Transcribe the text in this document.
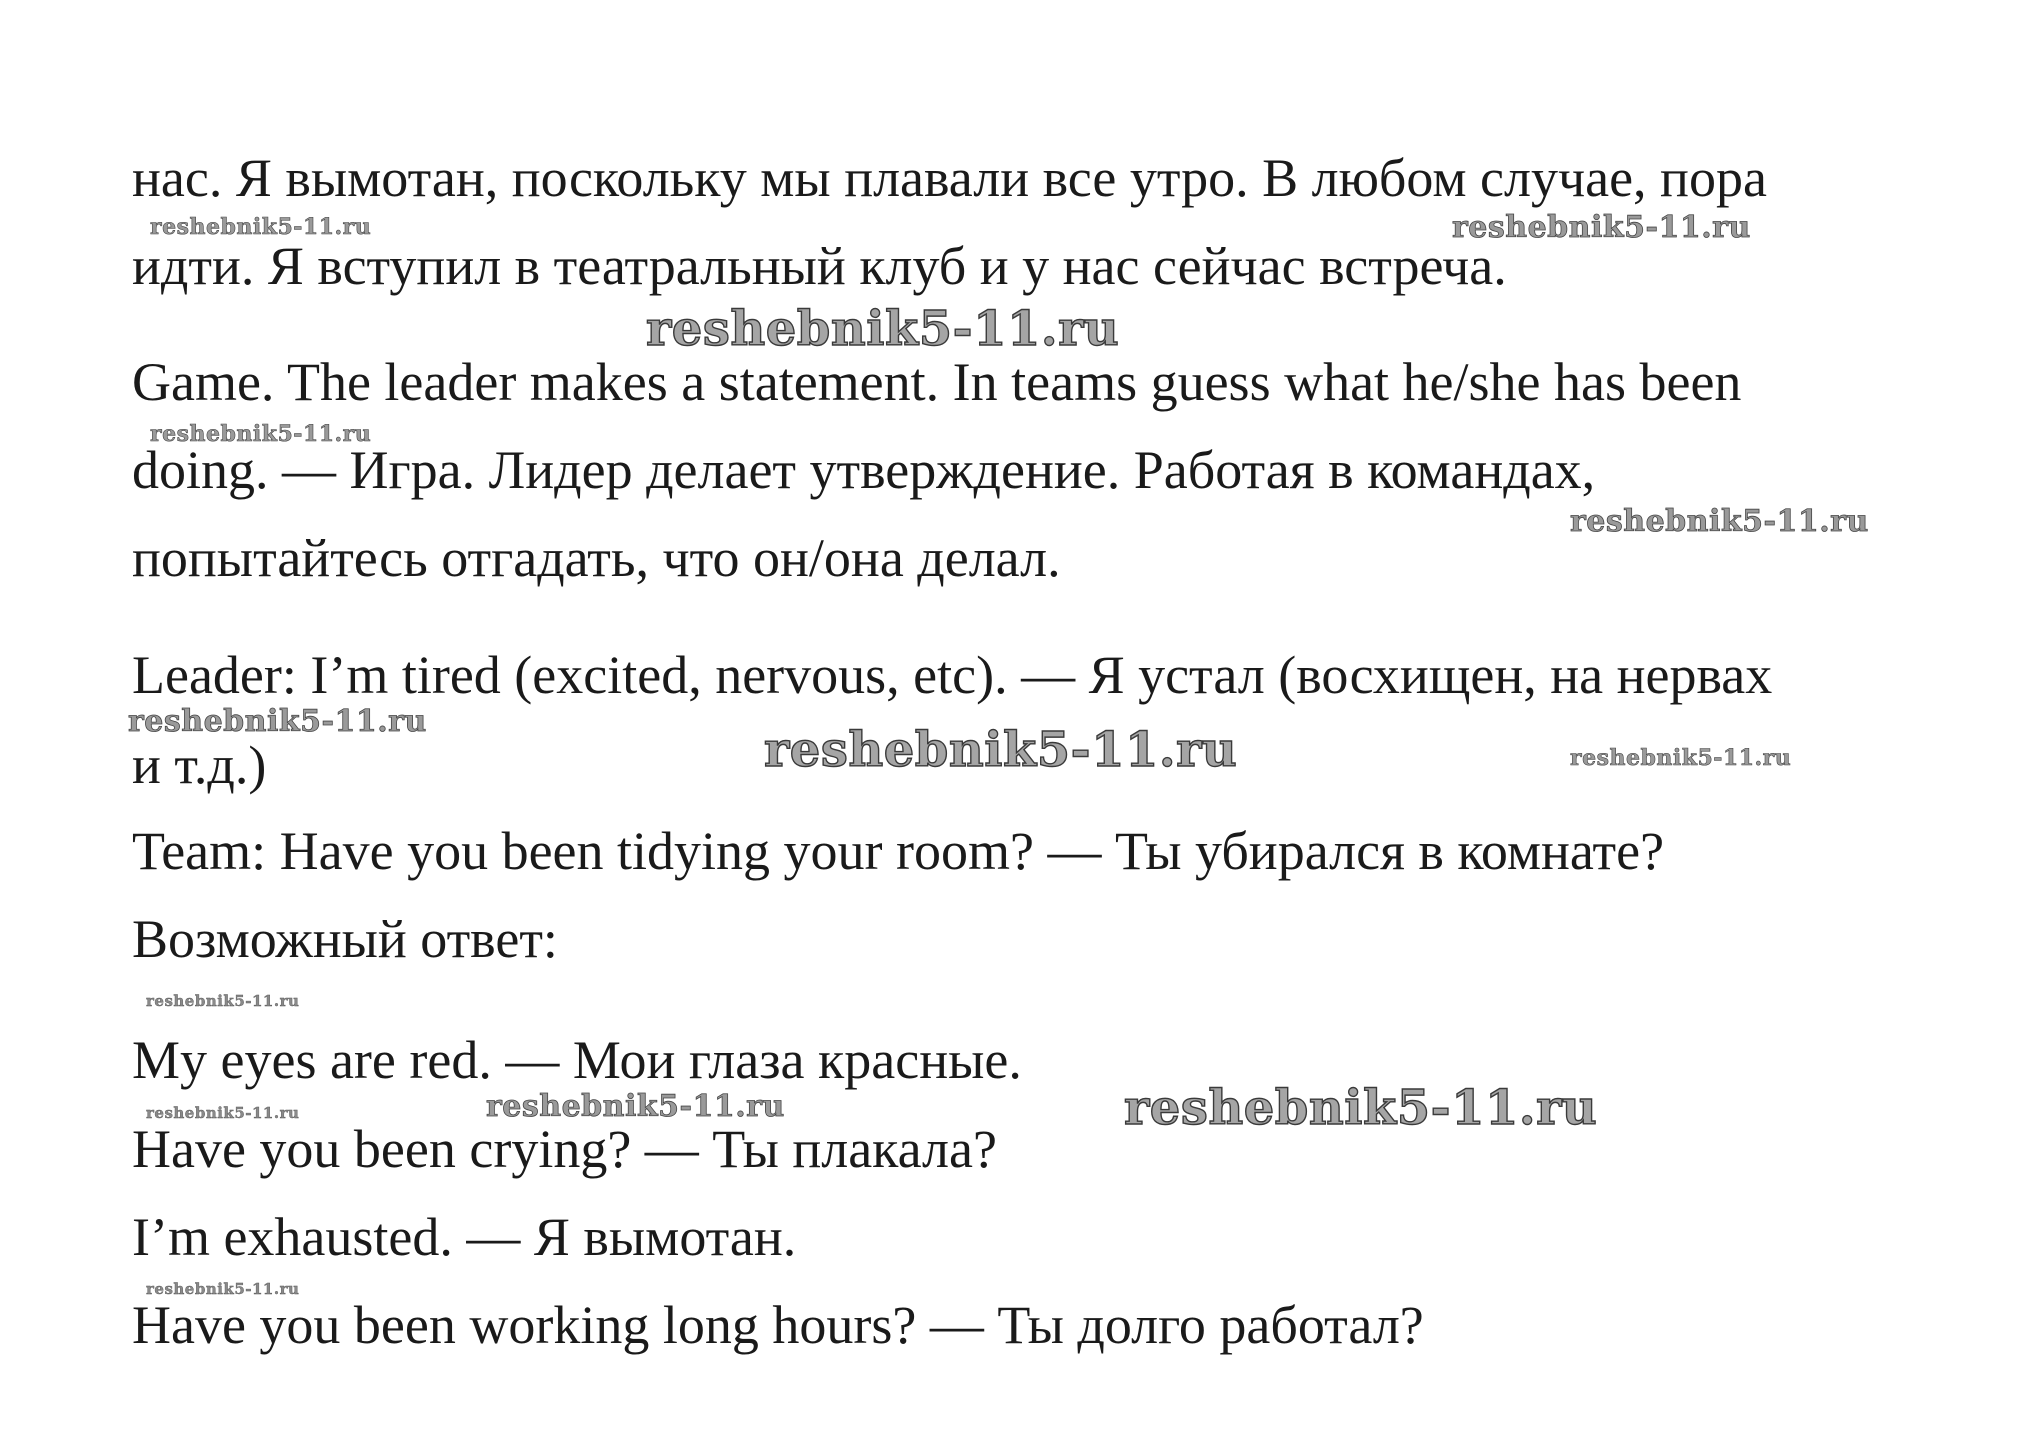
нас. Я вымотан, поскольку мы плавали все утро. В любом случае, пора

идти. Я вступил в театральный клуб и у нас сейчас встреча.

Game. The leader makes a statement. In teams guess what he/she has been

doing. — Игра. Лидер делает утверждение. Работая в командах,

попытайтесь отгадать, что он/она делал.

Leader: I’m tired (excited, nervous, etc). — Я устал (восхищен, на нервах

и т.д.)

Team: Have you been tidying your room? — Ты убирался в комнате?

Возможный ответ:

My eyes are red. — Мои глаза красные.

Have you been crying? — Ты плакала?

I’m exhausted. — Я вымотан.

Have you been working long hours? — Ты долго работал?

reshebnik5-11.ru	reshebnik5-11.ru
reshebnik5-11.ru
reshebnik5-11.ru
reshebnik5-11.ru
reshebnik5-11.ru
reshebnik5-11.ru	reshebnik5-11.ru
reshebnik5-11.ru
reshebnik5-11.ru	reshebnik5-11.ru
reshebnik5-11.ru
reshebnik5-11.ru
